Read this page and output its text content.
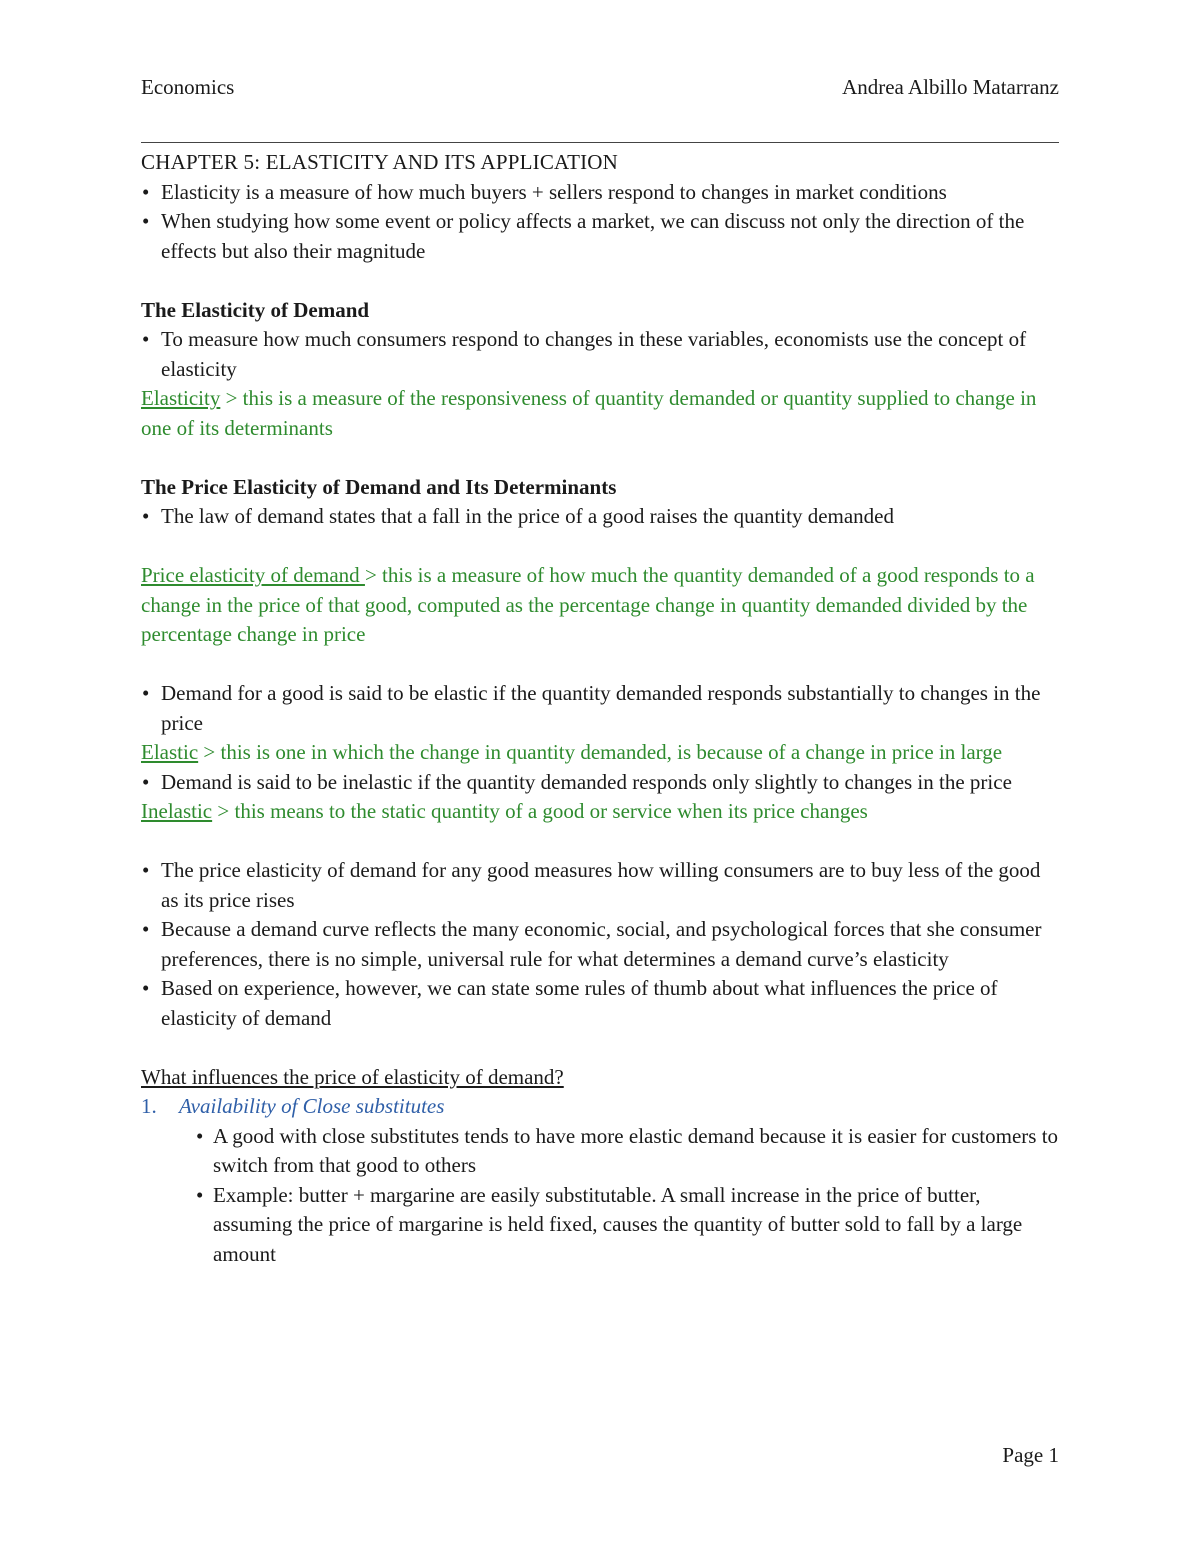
Economics	Andrea Albillo Matarranz

CHAPTER 5: ELASTICITY AND ITS APPLICATION

• Elasticity is a measure of how much buyers + sellers respond to changes in market conditions

• When studying how some event or policy affects a market, we can discuss not only the direction of the effects but also their magnitude

The Elasticity of Demand

• To measure how much consumers respond to changes in these variables, economists use the concept of elasticity

Elasticity > this is a measure of the responsiveness of quantity demanded or quantity supplied to change in one of its determinants

The Price Elasticity of Demand and Its Determinants

• The law of demand states that a fall in the price of a good raises the quantity demanded

Price elasticity of demand > this is a measure of how much the quantity demanded of a good responds to a change in the price of that good, computed as the percentage change in quantity demanded divided by the percentage change in price

• Demand for a good is said to be elastic if the quantity demanded responds substantially to changes in the price

Elastic > this is one in which the change in quantity demanded, is because of a change in price in large

• Demand is said to be inelastic if the quantity demanded responds only slightly to changes in the price

Inelastic > this means to the static quantity of a good or service when its price changes

• The price elasticity of demand for any good measures how willing consumers are to buy less of the good as its price rises

• Because a demand curve reflects the many economic, social, and psychological forces that she consumer preferences, there is no simple, universal rule for what determines a demand curve’s elasticity

• Based on experience, however, we can state some rules of thumb about what influences the price of elasticity of demand

What influences the price of elasticity of demand?

1. Availability of Close substitutes

• A good with close substitutes tends to have more elastic demand because it is easier for customers to switch from that good to others

• Example: butter + margarine are easily substitutable. A small increase in the price of butter, assuming the price of margarine is held fixed, causes the quantity of butter sold to fall by a large amount

Page 1
